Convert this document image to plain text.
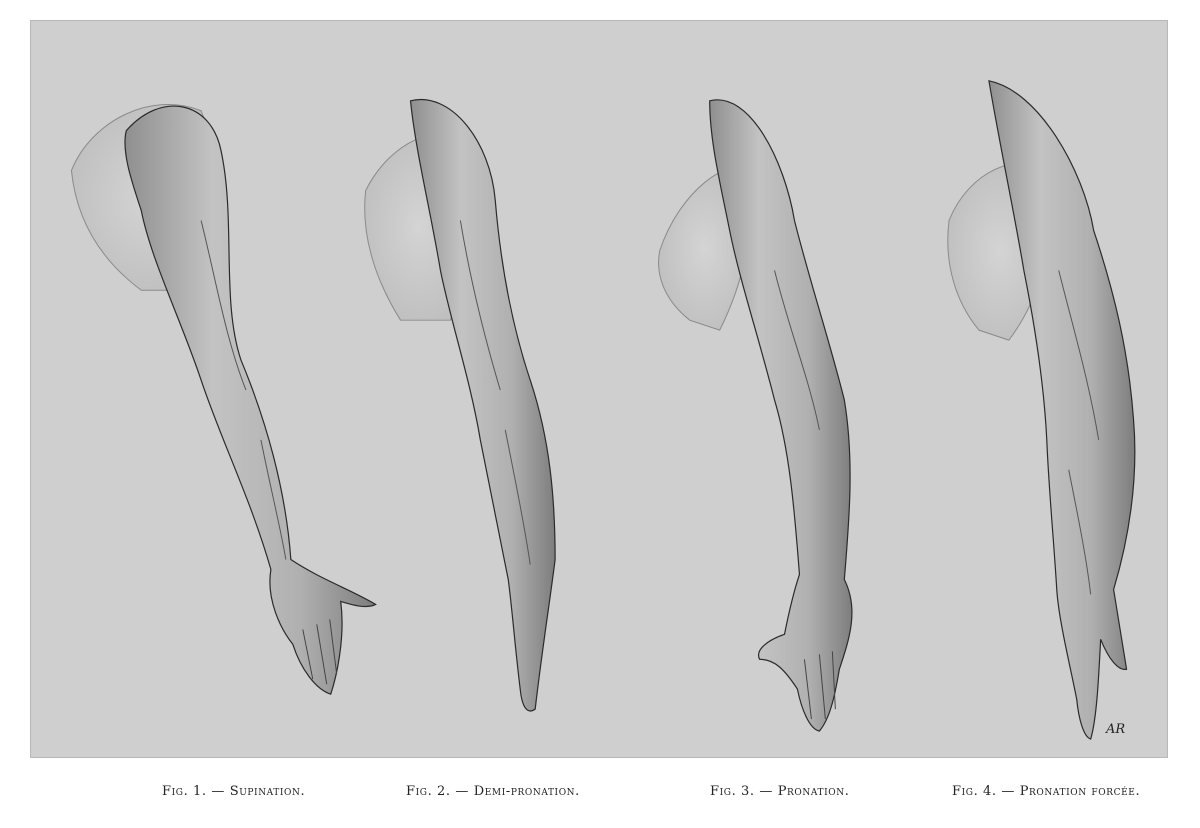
AR
Fig. 1. — Supination.	Fig. 2. — Demi-pronation.	Fig. 3. — Pronation.	Fig. 4. — Pronation forcée.
